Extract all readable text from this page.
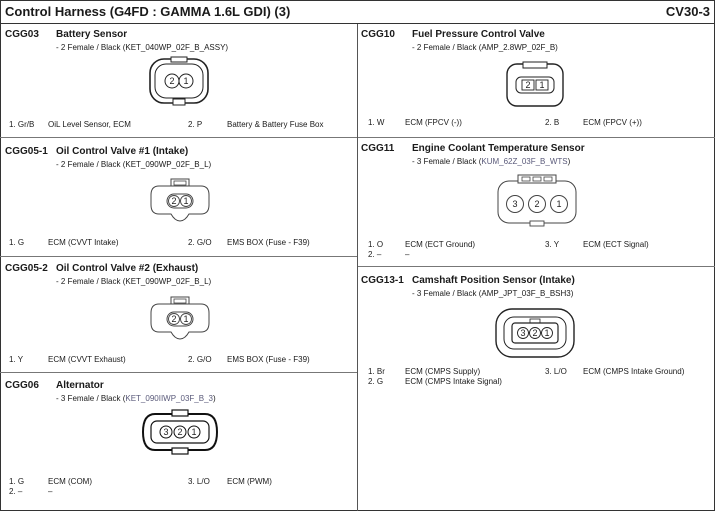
Control Harness (G4FD : GAMMA 1.6L GDI) (3)	CV30-3
CGG03 Battery Sensor
- 2 Female / Black (KET_040WP_02F_B_ASSY)
2 1
1. Gr/B OiL Level Sensor, ECM	2. P	Battery & Battery Fuse Box
CGG05-1 Oil Control Valve #1 (Intake)
- 2 Female / Black (KET_090WP_02F_B_L)
2 1
1. G	ECM (CVVT Intake)	2. G/O EMS BOX (Fuse - F39)
CGG05-2 Oil Control Valve #2 (Exhaust)
- 2 Female / Black (KET_090WP_02F_B_L)
2 1
1. Y	ECM (CVVT Exhaust)	2. G/O EMS BOX (Fuse - F39)
CGG06 Alternator
- 3 Female / Black (KET_090IIWP_03F_B_3)
3 2 1
1. G	ECM (COM)	3. L/O ECM (PWM)
2. –	–
CGG10 Fuel Pressure Control Valve
- 2 Female / Black (AMP_2.8WP_02F_B)
2 1
1. W	ECM (FPCV (-))	2. B	ECM (FPCV (+))
CGG11 Engine Coolant Temperature Sensor
- 3 Female / Black (KUM_62Z_03F_B_WTS)
3 2 1
1. O	ECM (ECT Ground)	3. Y	ECM (ECT Signal)
2. –	–
CGG13-1 Camshaft Position Sensor (Intake)
- 3 Female / Black (AMP_JPT_03F_B_BSH3)
3 2 1
1. Br	ECM (CMPS Supply)	3. L/O ECM (CMPS Intake Ground)
2. G	ECM (CMPS Intake Signal)
